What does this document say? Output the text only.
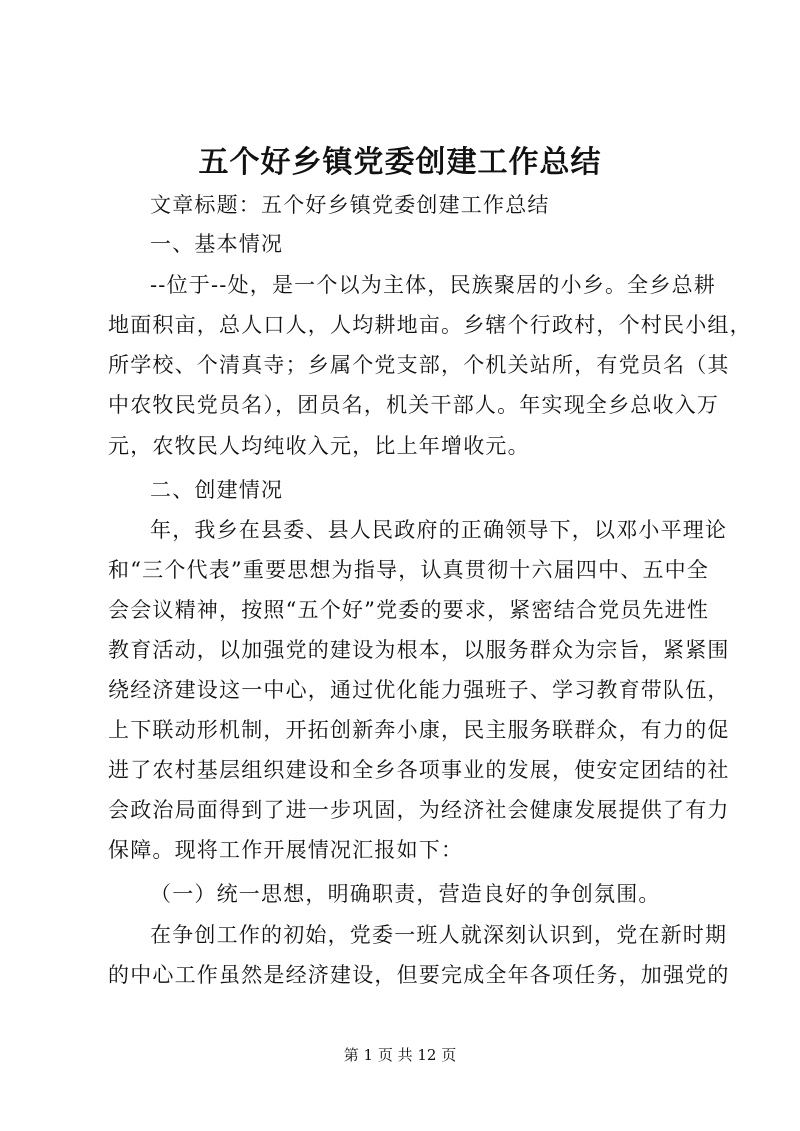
五个好乡镇党委创建工作总结

文章标题：五个好乡镇党委创建工作总结

一、基本情况

--位于--处，是一个以为主体，民族聚居的小乡。全乡总耕

地面积亩，总人口人，人均耕地亩。乡辖个行政村，个村民小组，

所学校、个清真寺；乡属个党支部，个机关站所，有党员名（其

中农牧民党员名），团员名，机关干部人。年实现全乡总收入万

元，农牧民人均纯收入元，比上年增收元。

二、创建情况

年，我乡在县委、县人民政府的正确领导下，以邓小平理论

和“三个代表”重要思想为指导，认真贯彻十六届四中、五中全

会会议精神，按照“五个好”党委的要求，紧密结合党员先进性

教育活动，以加强党的建设为根本，以服务群众为宗旨，紧紧围

绕经济建设这一中心，通过优化能力强班子、学习教育带队伍，

上下联动形机制，开拓创新奔小康，民主服务联群众，有力的促

进了农村基层组织建设和全乡各项事业的发展，使安定团结的社

会政治局面得到了进一步巩固，为经济社会健康发展提供了有力

保障。现将工作开展情况汇报如下：

（一）统一思想，明确职责，营造良好的争创氛围。

在争创工作的初始，党委一班人就深刻认识到，党在新时期

的中心工作虽然是经济建设，但要完成全年各项任务，加强党的

第 1 页 共 12 页
